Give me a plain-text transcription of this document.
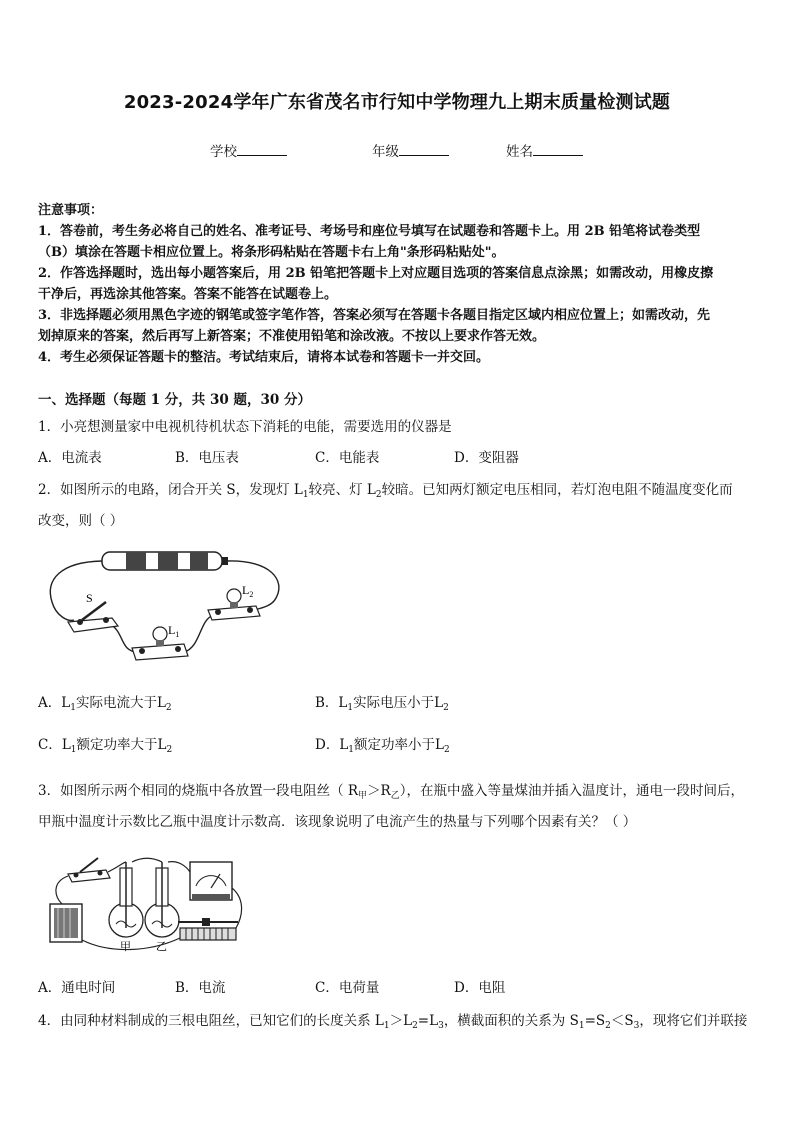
2023-2024学年广东省茂名市行知中学物理九上期末质量检测试题
学校	年级	姓名
注意事项：
1．答卷前，考生务必将自己的姓名、准考证号、考场号和座位号填写在试题卷和答题卡上。用 2B 铅笔将试卷类型
（B）填涂在答题卡相应位置上。将条形码粘贴在答题卡右上角"条形码粘贴处"。
2．作答选择题时，选出每小题答案后，用 2B 铅笔把答题卡上对应题目选项的答案信息点涂黑；如需改动，用橡皮擦
干净后，再选涂其他答案。答案不能答在试题卷上。
3．非选择题必须用黑色字迹的钢笔或签字笔作答，答案必须写在答题卡各题目指定区域内相应位置上；如需改动，先
划掉原来的答案，然后再写上新答案；不准使用铅笔和涂改液。不按以上要求作答无效。
4．考生必须保证答题卡的整洁。考试结束后，请将本试卷和答题卡一并交回。
一、选择题（每题 1 分，共 30 题，30 分）
1．小亮想测量家中电视机待机状态下消耗的电能，需要选用的仪器是
A．电流表	B．电压表	C．电能表	D．变阻器
2．如图所示的电路，闭合开关 S，发现灯 $L_1$较亮、灯 $L_2$较暗。已知两灯额定电压相同，若灯泡电阻不随温度变化而
改变，则（ ）
S
$L_2$
$L_1$
A．$L_1$实际电流大于$L_2$	B．$L_1$实际电压小于$L_2$
C．$L_1$额定功率大于$L_2$	D．$L_1$额定功率小于$L_2$
3．如图所示两个相同的烧瓶中各放置一段电阻丝（ $R_甲>R_乙$），在瓶中盛入等量煤油并插入温度计，通电一段时间后，
甲瓶中温度计示数比乙瓶中温度计示数高．该现象说明了电流产生的热量与下列哪个因素有关？（ ）
甲 乙
A．通电时间	B．电流	C．电荷量	D．电阻
4．由同种材料制成的三根电阻丝，已知它们的长度关系 $L_1>L_2=L_3$，横截面积的关系为 $S_1=S_2<S_3$，现将它们并联接
